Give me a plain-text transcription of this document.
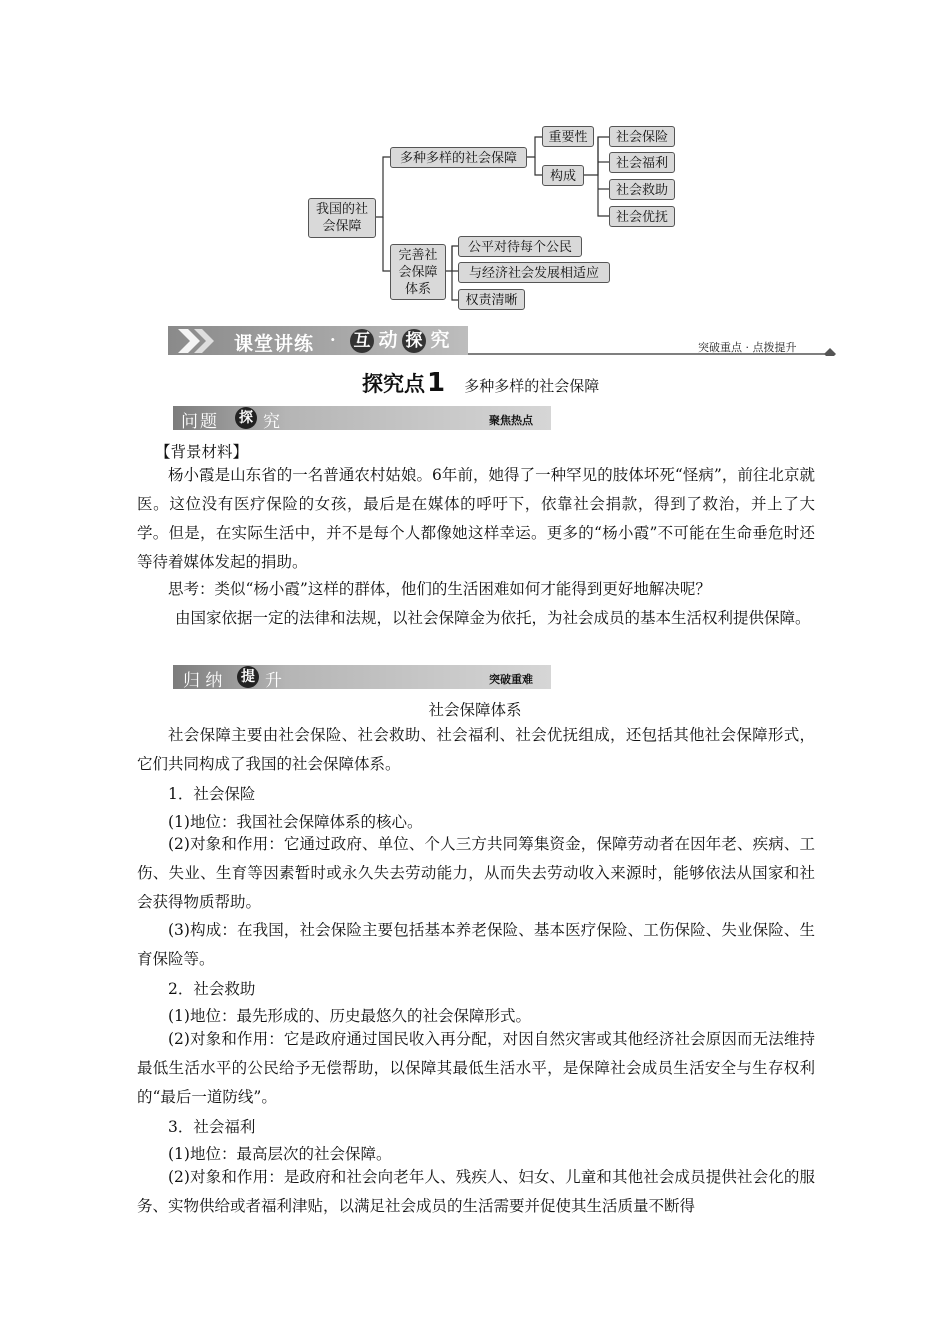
我国的社会保障
多种多样的社会保障
重要性
构成
社会保险
社会福利
社会救助
社会优抚
完善社会保障体系
公平对待每个公民
与经济社会发展相适应
权责清晰
课堂讲练 · 互 动 探 究	突破重点 · 点拨提升
探究点1 多种多样的社会保障
问题 探 究	聚焦热点
【背景材料】
杨小霞是山东省的一名普通农村姑娘。6年前，她得了一种罕见的肢体坏死“怪病”，前往北京就医。这位没有医疗保险的女孩，最后是在媒体的呼吁下，依靠社会捐款，得到了救治，并上了大学。但是，在实际生活中，并不是每个人都像她这样幸运。更多的“杨小霞”不可能在生命垂危时还等待着媒体发起的捐助。
思考：类似“杨小霞”这样的群体，他们的生活困难如何才能得到更好地解决呢？
由国家依据一定的法律和法规，以社会保障金为依托，为社会成员的基本生活权利提供保障。
归 纳 提 升	突破重难
社会保障体系
社会保障主要由社会保险、社会救助、社会福利、社会优抚组成，还包括其他社会保障形式，它们共同构成了我国的社会保障体系。
1．社会保险
(1)地位：我国社会保障体系的核心。
(2)对象和作用：它通过政府、单位、个人三方共同筹集资金，保障劳动者在因年老、疾病、工伤、失业、生育等因素暂时或永久失去劳动能力，从而失去劳动收入来源时，能够依法从国家和社会获得物质帮助。
(3)构成：在我国，社会保险主要包括基本养老保险、基本医疗保险、工伤保险、失业保险、生育保险等。
2．社会救助
(1)地位：最先形成的、历史最悠久的社会保障形式。
(2)对象和作用：它是政府通过国民收入再分配，对因自然灾害或其他经济社会原因而无法维持最低生活水平的公民给予无偿帮助，以保障其最低生活水平，是保障社会成员生活安全与生存权利的“最后一道防线”。
3．社会福利
(1)地位：最高层次的社会保障。
(2)对象和作用：是政府和社会向老年人、残疾人、妇女、儿童和其他社会成员提供社会化的服务、实物供给或者福利津贴，以满足社会成员的生活需要并促使其生活质量不断得
